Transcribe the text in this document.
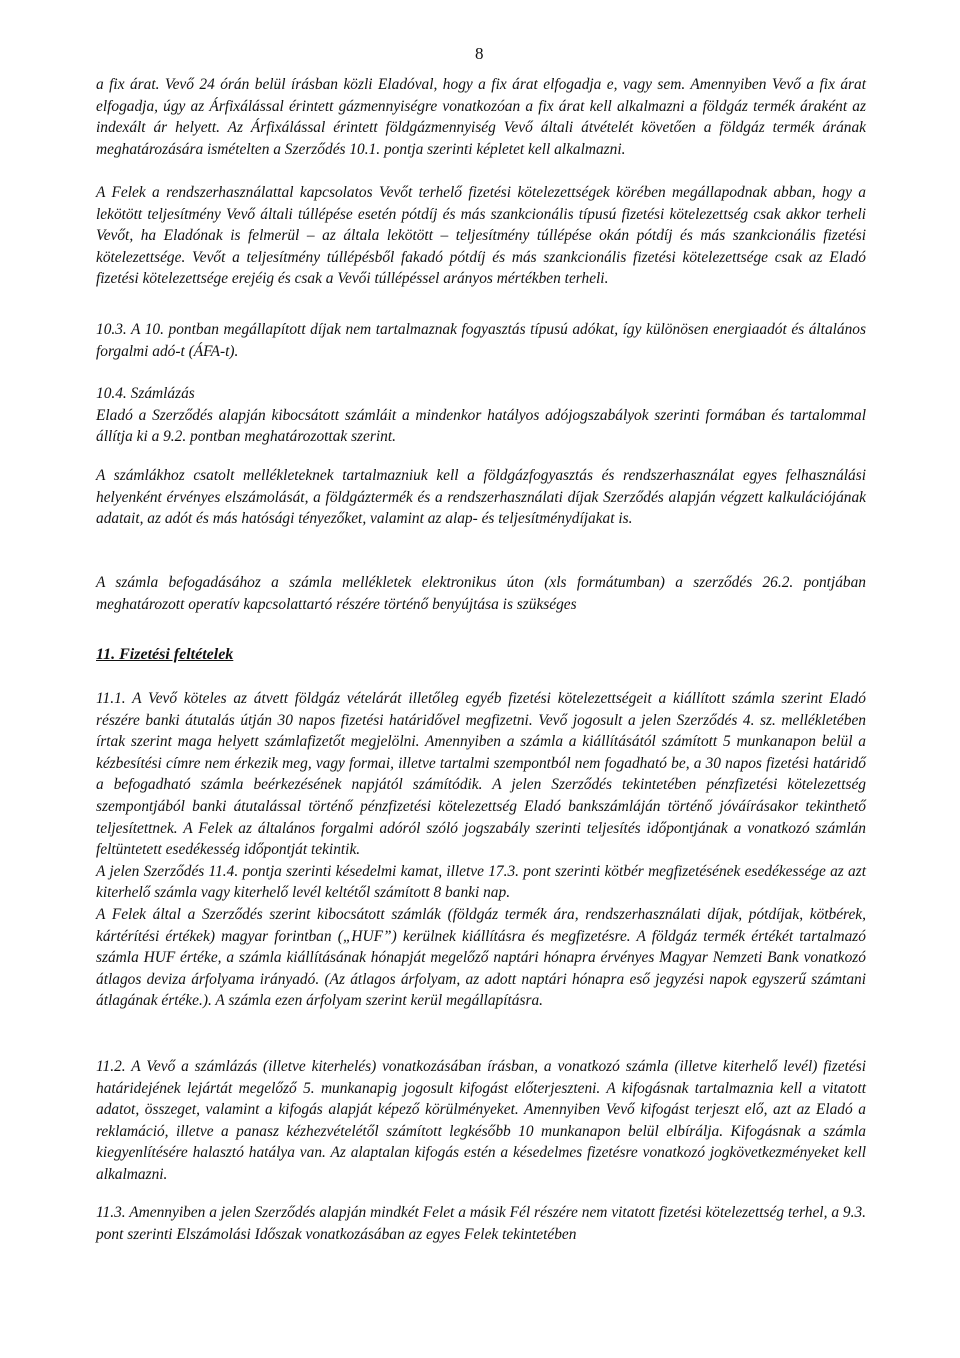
8

a fix árat. Vevő 24 órán belül írásban közli Eladóval, hogy a fix árat elfogadja e, vagy sem. Amennyiben Vevő a fix árat elfogadja, úgy az Árfixálással érintett gázmennyiségre vonatkozóan a fix árat kell alkalmazni a földgáz termék áraként az indexált ár helyett. Az Árfixálással érintett földgázmennyiség Vevő általi átvételét követően a földgáz termék árának meghatározására ismételten a Szerződés 10.1. pontja szerinti képletet kell alkalmazni.

A Felek a rendszerhasználattal kapcsolatos Vevőt terhelő fizetési kötelezettségek körében megállapodnak abban, hogy a lekötött teljesítmény Vevő általi túllépése esetén pótdíj és más szankcionális típusú fizetési kötelezettség csak akkor terheli Vevőt, ha Eladónak is felmerül – az általa lekötött – teljesítmény túllépése okán pótdíj és más szankcionális fizetési kötelezettsége. Vevőt a teljesítmény túllépésből fakadó pótdíj és más szankcionális fizetési kötelezettsége csak az Eladó fizetési kötelezettsége erejéig és csak a Vevői túllépéssel arányos mértékben terheli.

10.3. A 10. pontban megállapított díjak nem tartalmaznak fogyasztás típusú adókat, így különösen energiaadót és általános forgalmi adó-t (ÁFA-t).

10.4. Számlázás

Eladó a Szerződés alapján kibocsátott számláit a mindenkor hatályos adójogszabályok szerinti formában és tartalommal állítja ki a 9.2. pontban meghatározottak szerint.

A számlákhoz csatolt mellékleteknek tartalmazniuk kell a földgázfogyasztás és rendszerhasználat egyes felhasználási helyenként érvényes elszámolását, a földgáztermék és a rendszerhasználati díjak Szerződés alapján végzett kalkulációjának adatait, az adót és más hatósági tényezőket, valamint az alap- és teljesítménydíjakat is.

A számla befogadásához a számla mellékletek elektronikus úton (xls formátumban) a szerződés 26.2. pontjában meghatározott operatív kapcsolattartó részére történő benyújtása is szükséges

11. Fizetési feltételek

11.1. A Vevő köteles az átvett földgáz vételárát illetőleg egyéb fizetési kötelezettségeit a kiállított számla szerint Eladó részére banki átutalás útján 30 napos fizetési határidővel megfizetni. Vevő jogosult a jelen Szerződés 4. sz. mellékletében írtak szerint maga helyett számlafizetőt megjelölni. Amennyiben a számla a kiállításától számított 5 munkanapon belül a kézbesítési címre nem érkezik meg, vagy formai, illetve tartalmi szempontból nem fogadható be, a 30 napos fizetési határidő a befogadható számla beérkezésének napjától számítódik. A jelen Szerződés tekintetében pénzfizetési kötelezettség szempontjából banki átutalással történő pénzfizetési kötelezettség Eladó bankszámláján történő jóváírásakor tekinthető teljesítettnek. A Felek az általános forgalmi adóról szóló jogszabály szerinti teljesítés időpontjának a vonatkozó számlán feltüntetett esedékesség időpontját tekintik.

A jelen Szerződés 11.4. pontja szerinti késedelmi kamat, illetve 17.3. pont szerinti kötbér megfizetésének esedékessége az azt kiterhelő számla vagy kiterhelő levél keltétől számított 8 banki nap.

A Felek által a Szerződés szerint kibocsátott számlák (földgáz termék ára, rendszerhasználati díjak, pótdíjak, kötbérek, kártérítési értékek) magyar forintban („HUF”) kerülnek kiállításra és megfizetésre. A földgáz termék értékét tartalmazó számla HUF értéke, a számla kiállításának hónapját megelőző naptári hónapra érvényes Magyar Nemzeti Bank vonatkozó átlagos deviza árfolyama irányadó. (Az átlagos árfolyam, az adott naptári hónapra eső jegyzési napok egyszerű számtani átlagának értéke.). A számla ezen árfolyam szerint kerül megállapításra.

11.2. A Vevő a számlázás (illetve kiterhelés) vonatkozásában írásban, a vonatkozó számla (illetve kiterhelő levél) fizetési határidejének lejártát megelőző 5. munkanapig jogosult kifogást előterjeszteni. A kifogásnak tartalmaznia kell a vitatott adatot, összeget, valamint a kifogás alapját képező körülményeket. Amennyiben Vevő kifogást terjeszt elő, azt az Eladó a reklamáció, illetve a panasz kézhezvételétől számított legkésőbb 10 munkanapon belül elbírálja. Kifogásnak a számla kiegyenlítésére halasztó hatálya van. Az alaptalan kifogás estén a késedelmes fizetésre vonatkozó jogkövetkezményeket kell alkalmazni.

11.3. Amennyiben a jelen Szerződés alapján mindkét Felet a másik Fél részére nem vitatott fizetési kötelezettség terhel, a 9.3. pont szerinti Elszámolási Időszak vonatkozásában az egyes Felek tekintetében
